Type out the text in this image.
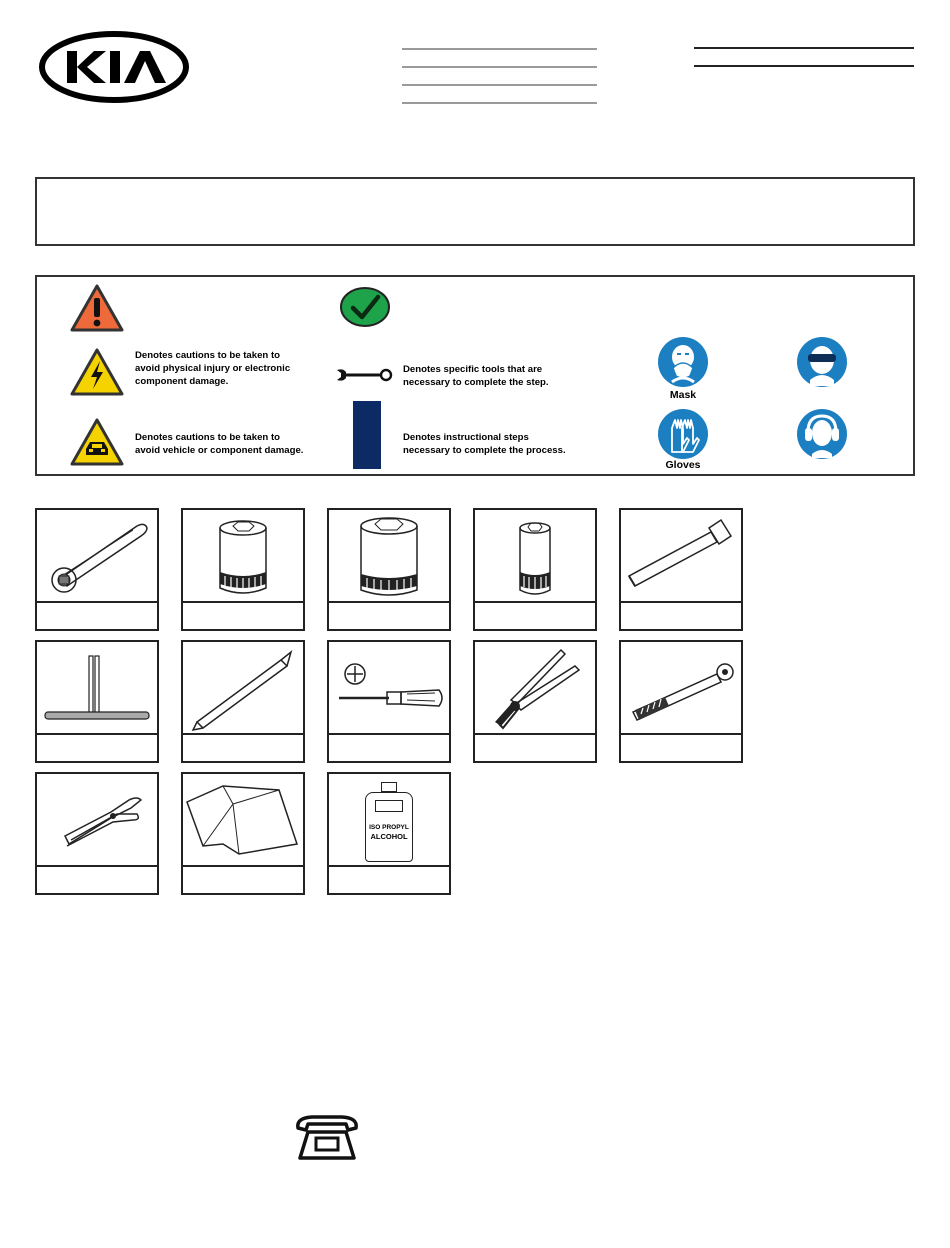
Denotes cautions to be taken to
avoid physical injury or electronic
component damage.
Denotes cautions to be taken to
avoid vehicle or component damage.
Denotes specific tools that are
necessary to complete the step.
Denotes instructional steps
necessary to complete the process.
Mask
Gloves
ISO PROPYL
ALCOHOL
